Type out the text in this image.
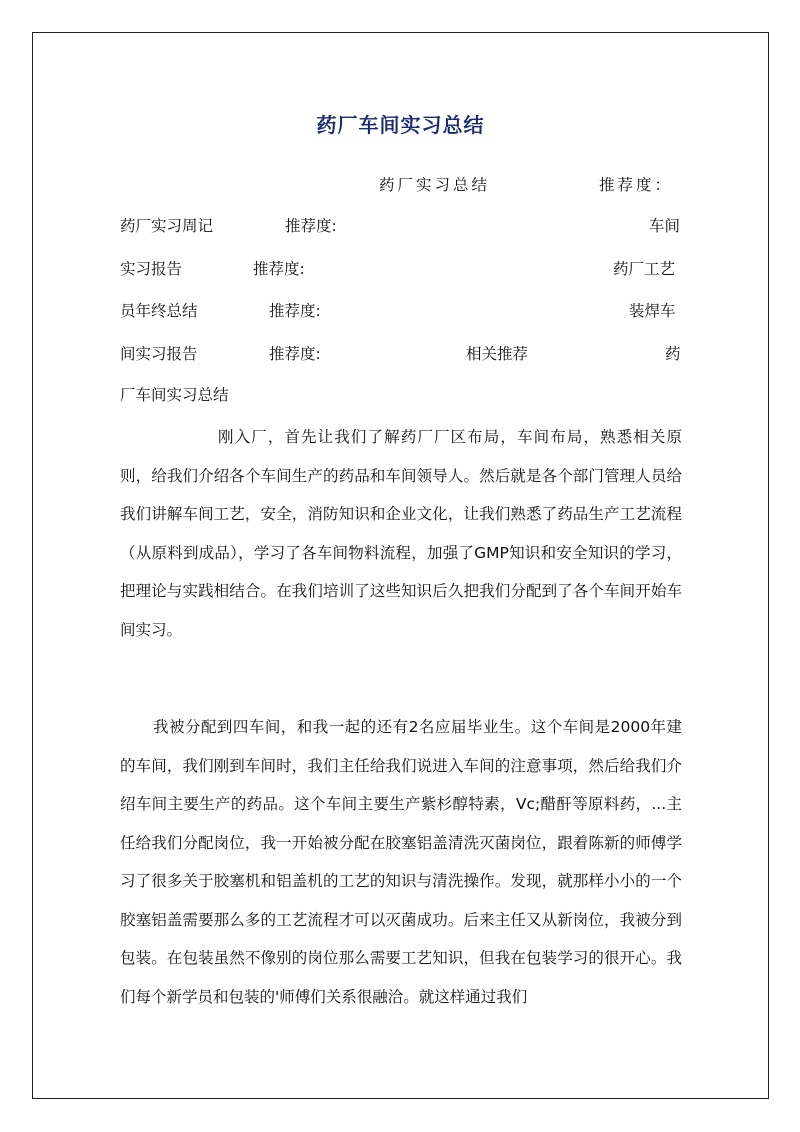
药厂车间实习总结
药厂实习总结	推荐度：
药厂实习周记	推荐度:	车间
实习报告	推荐度:	药厂工艺
员年终总结	推荐度:	装焊车
间实习报告	推荐度:	相关推荐	药
厂车间实习总结

刚入厂，首先让我们了解药厂厂区布局，车间布局，熟悉相关原则，给我们介绍各个车间生产的药品和车间领导人。然后就是各个部门管理人员给我们讲解车间工艺，安全，消防知识和企业文化，让我们熟悉了药品生产工艺流程（从原料到成品），学习了各车间物料流程，加强了GMP知识和安全知识的学习，把理论与实践相结合。在我们培训了这些知识后久把我们分配到了各个车间开始车间实习。

我被分配到四车间，和我一起的还有2名应届毕业生。这个车间是2000年建的车间，我们刚到车间时，我们主任给我们说进入车间的注意事项，然后给我们介绍车间主要生产的药品。这个车间主要生产紫杉醇特素，Vc;醋酐等原料药，...主任给我们分配岗位，我一开始被分配在胶塞铝盖清洗灭菌岗位，跟着陈新的师傅学习了很多关于胶塞机和铝盖机的工艺的知识与清洗操作。发现，就那样小小的一个胶塞铝盖需要那么多的工艺流程才可以灭菌成功。后来主任又从新岗位，我被分到包装。在包装虽然不像别的岗位那么需要工艺知识，但我在包装学习的很开心。我们每个新学员和包装的'师傅们关系很融洽。就这样通过我们
